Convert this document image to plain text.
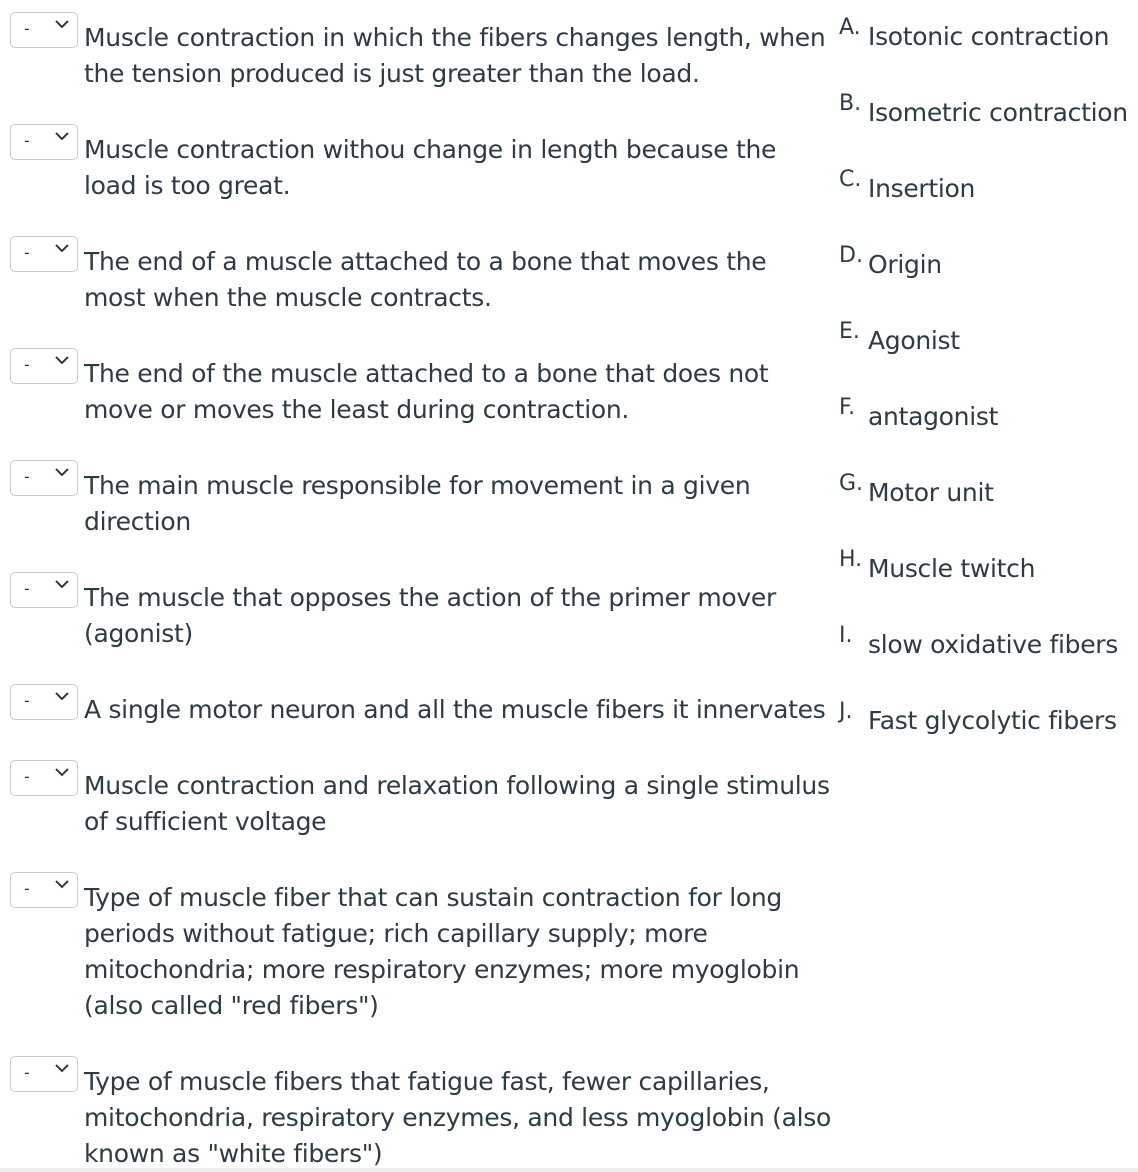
- Muscle contraction in which the fibers changes length, when the tension produced is just greater than the load.
- Muscle contraction withou change in length because the load is too great.
- The end of a muscle attached to a bone that moves the most when the muscle contracts.
- The end of the muscle attached to a bone that does not move or moves the least during contraction.
- The main muscle responsible for movement in a given direction
- The muscle that opposes the action of the primer mover (agonist)
- A single motor neuron and all the muscle fibers it innervates
- Muscle contraction and relaxation following a single stimulus of sufficient voltage
- Type of muscle fiber that can sustain contraction for long periods without fatigue; rich capillary supply; more mitochondria; more respiratory enzymes; more myoglobin (also called "red fibers")
- Type of muscle fibers that fatigue fast, fewer capillaries, mitochondria, respiratory enzymes, and less myoglobin (also known as "white fibers")
A. Isotonic contraction
B. Isometric contraction
C. Insertion
D. Origin
E. Agonist
F. antagonist
G. Motor unit
H. Muscle twitch
I. slow oxidative fibers
J. Fast glycolytic fibers
